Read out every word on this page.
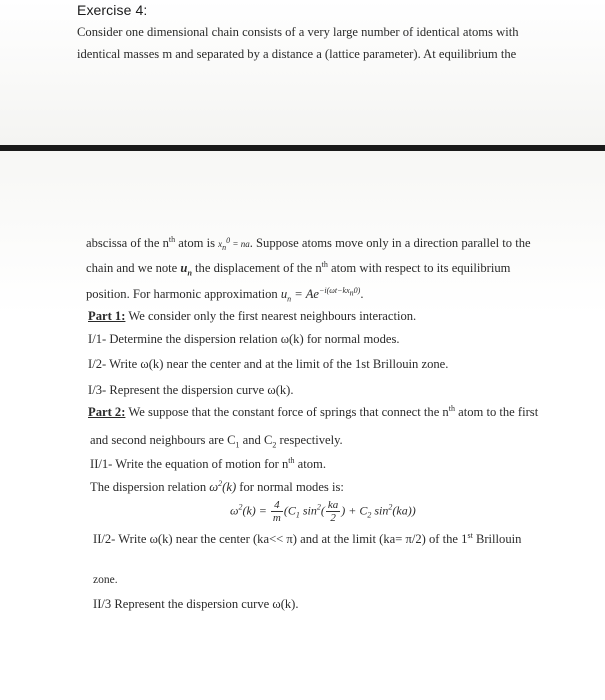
Exercise 4:
Consider one dimensional chain consists of a very large number of identical atoms with
identical masses m and separated by a distance a (lattice parameter). At equilibrium the
abscissa of the $n^{th}$ atom is $x_n^0$ = na. Suppose atoms move only in a direction parallel to the
chain and we note $u_n$ the displacement of the $n^{th}$ atom with respect to its equilibrium
position. For harmonic approximation $u_n = Ae^{-i(\omega t-kx_n0)}$.
Part 1: We consider only the first nearest neighbours interaction.
I/1- Determine the dispersion relation ω(k) for normal modes.
I/2- Write ω(k) near the center and at the limit of the 1st Brillouin zone.
I/3- Represent the dispersion curve ω(k).
Part 2: We suppose that the constant force of springs that connect the $n^{th}$ atom to the first
and second neighbours are $C_1$ and $C_2$ respectively.
II/1- Write the equation of motion for $n^{th}$ atom.
The dispersion relation $\omega^2(k)$ for normal modes is:
$\omega^2(k) = \frac{4}{m} (C_1$ $\sin^2( \frac{ka}{2}$ ) + $C_2$ $\sin^2(ka)$)
II/2- Write ω(k) near the center (ka<< π) and at the limit (ka= π/2) of the 1st Brillouin
zone.
II/3 Represent the dispersion curve ω(k).
